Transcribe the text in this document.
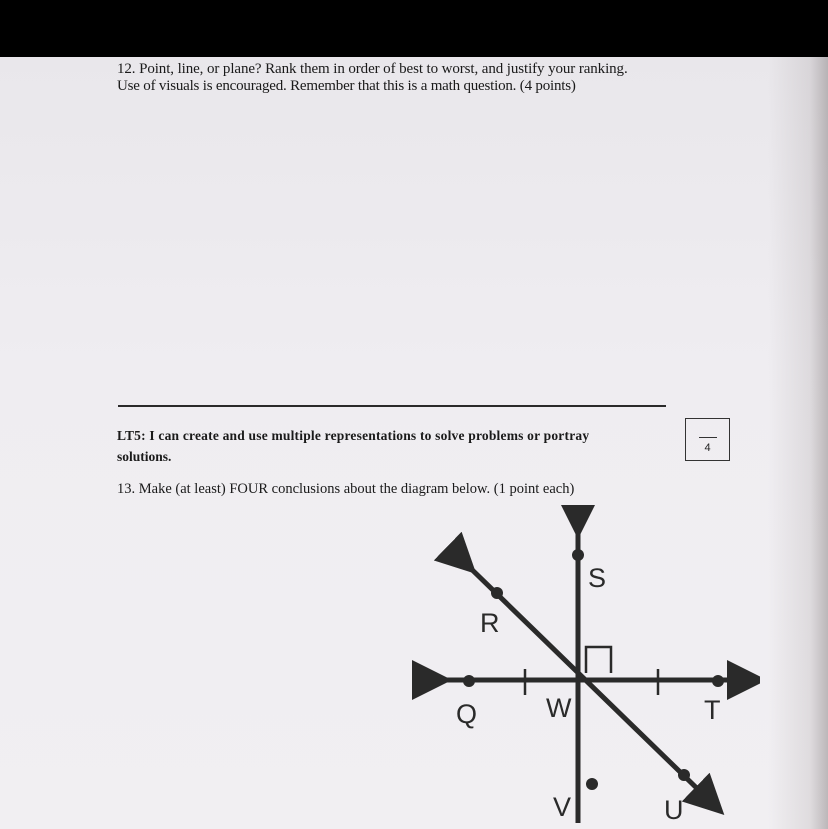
12. Point, line, or plane? Rank them in order of best to worst, and justify your ranking.
Use of visuals is encouraged. Remember that this is a math question. (4 points)
LT5: I can create and use multiple representations to solve problems or portray
solutions.
4
13. Make (at least) FOUR conclusions about the diagram below. (1 point each)
S
R
Q	W	T
V	U
